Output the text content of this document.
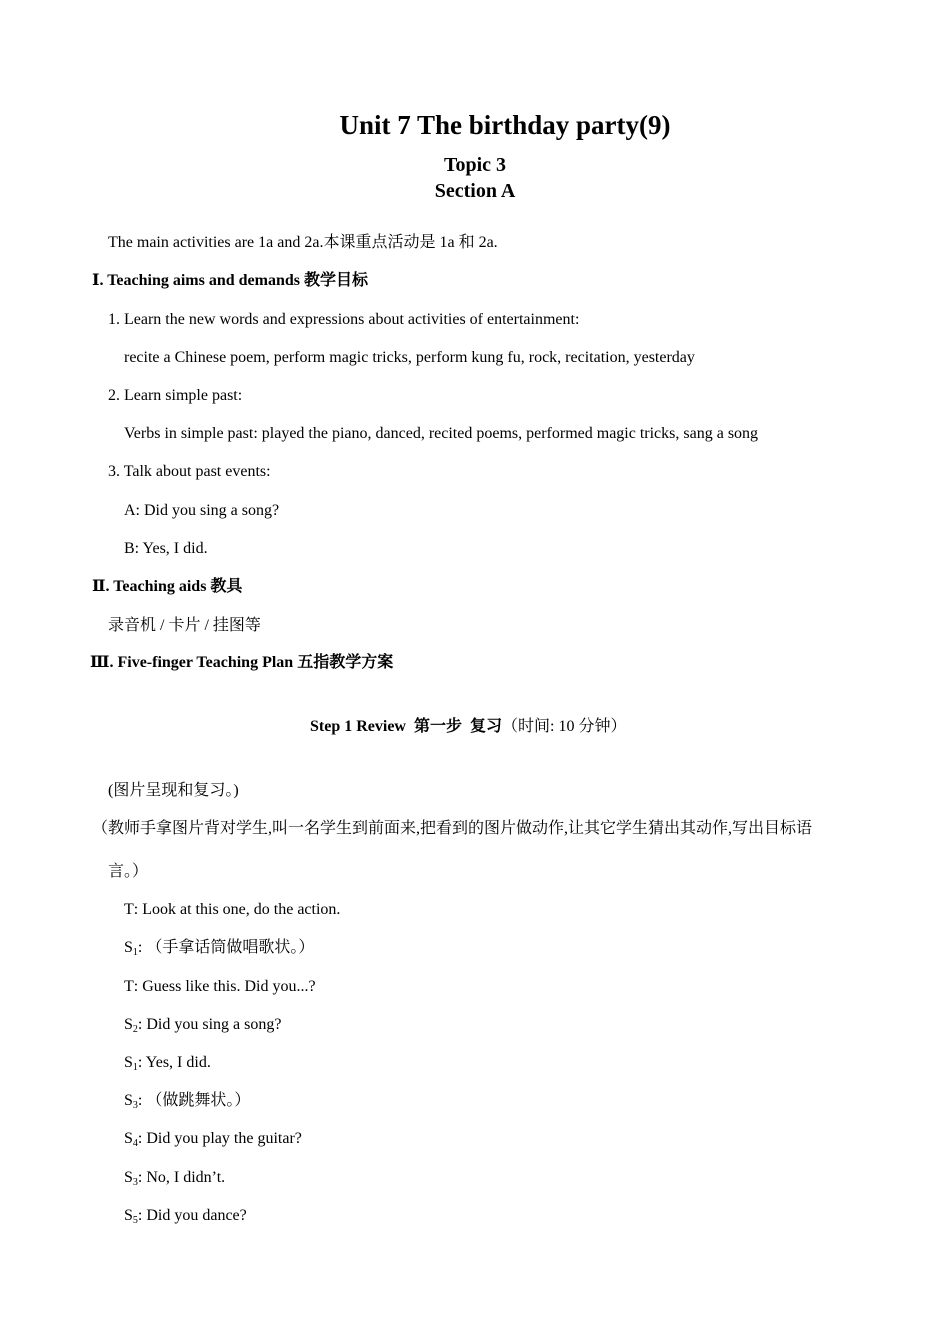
Unit 7 The birthday party(9)
Topic 3
Section A
The main activities are 1a and 2a.本课重点活动是 1a 和 2a.
Ⅰ. Teaching aims and demands 教学目标
1. Learn the new words and expressions about activities of entertainment:
recite a Chinese poem, perform magic tricks, perform kung fu, rock, recitation, yesterday
2. Learn simple past:
Verbs in simple past: played the piano, danced, recited poems, performed magic tricks, sang a song
3. Talk about past events:
A: Did you sing a song?
B: Yes, I did.
Ⅱ. Teaching aids 教具
录音机 / 卡片 / 挂图等
Ⅲ. Five-finger Teaching Plan 五指教学方案
Step 1 Review  第一步  复习（时间: 10 分钟）
(图片呈现和复习。)
（教师手拿图片背对学生,叫一名学生到前面来,把看到的图片做动作,让其它学生猜出其动作,写出目标语
言。）
T: Look at this one, do the action.
$S_1$: （手拿话筒做唱歌状。）
T: Guess like this. Did you...?
$S_2$: Did you sing a song?
$S_1$: Yes, I did.
$S_3$: （做跳舞状。）
$S_4$: Did you play the guitar?
$S_3$: No, I didn’t.
$S_5$: Did you dance?
